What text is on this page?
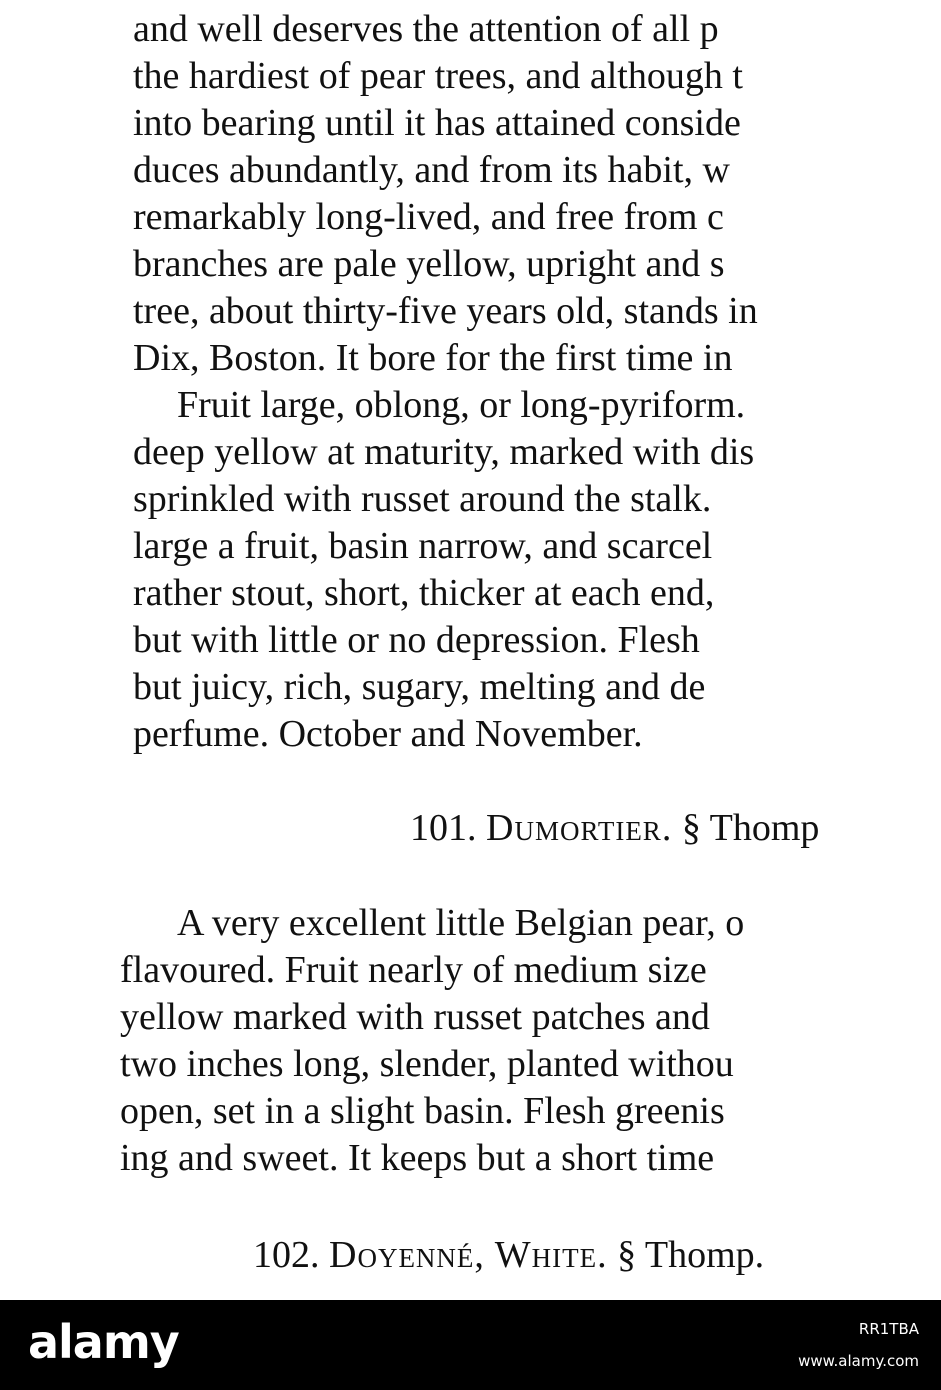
and well deserves the attention of all p

the hardiest of pear trees, and although t

into bearing until it has attained conside

duces abundantly, and from its habit, w

remarkably long-lived, and free from c

branches are pale yellow, upright and s

tree, about thirty-five years old, stands in

Dix, Boston. It bore for the first time in

Fruit large, oblong, or long-pyriform.

deep yellow at maturity, marked with dis

sprinkled with russet around the stalk.

large a fruit, basin narrow, and scarcel

rather stout, short, thicker at each end,

but with little or no depression. Flesh

but juicy, rich, sugary, melting and de

perfume. October and November.

101. Dumortier. § Thomp

A very excellent little Belgian pear, o

flavoured. Fruit nearly of medium size

yellow marked with russet patches and

two inches long, slender, planted withou

open, set in a slight basin. Flesh greenis

ing and sweet. It keeps but a short time

102. Doyenné, White. § Thomp.

alamy	RR1TBA
www.alamy.com
